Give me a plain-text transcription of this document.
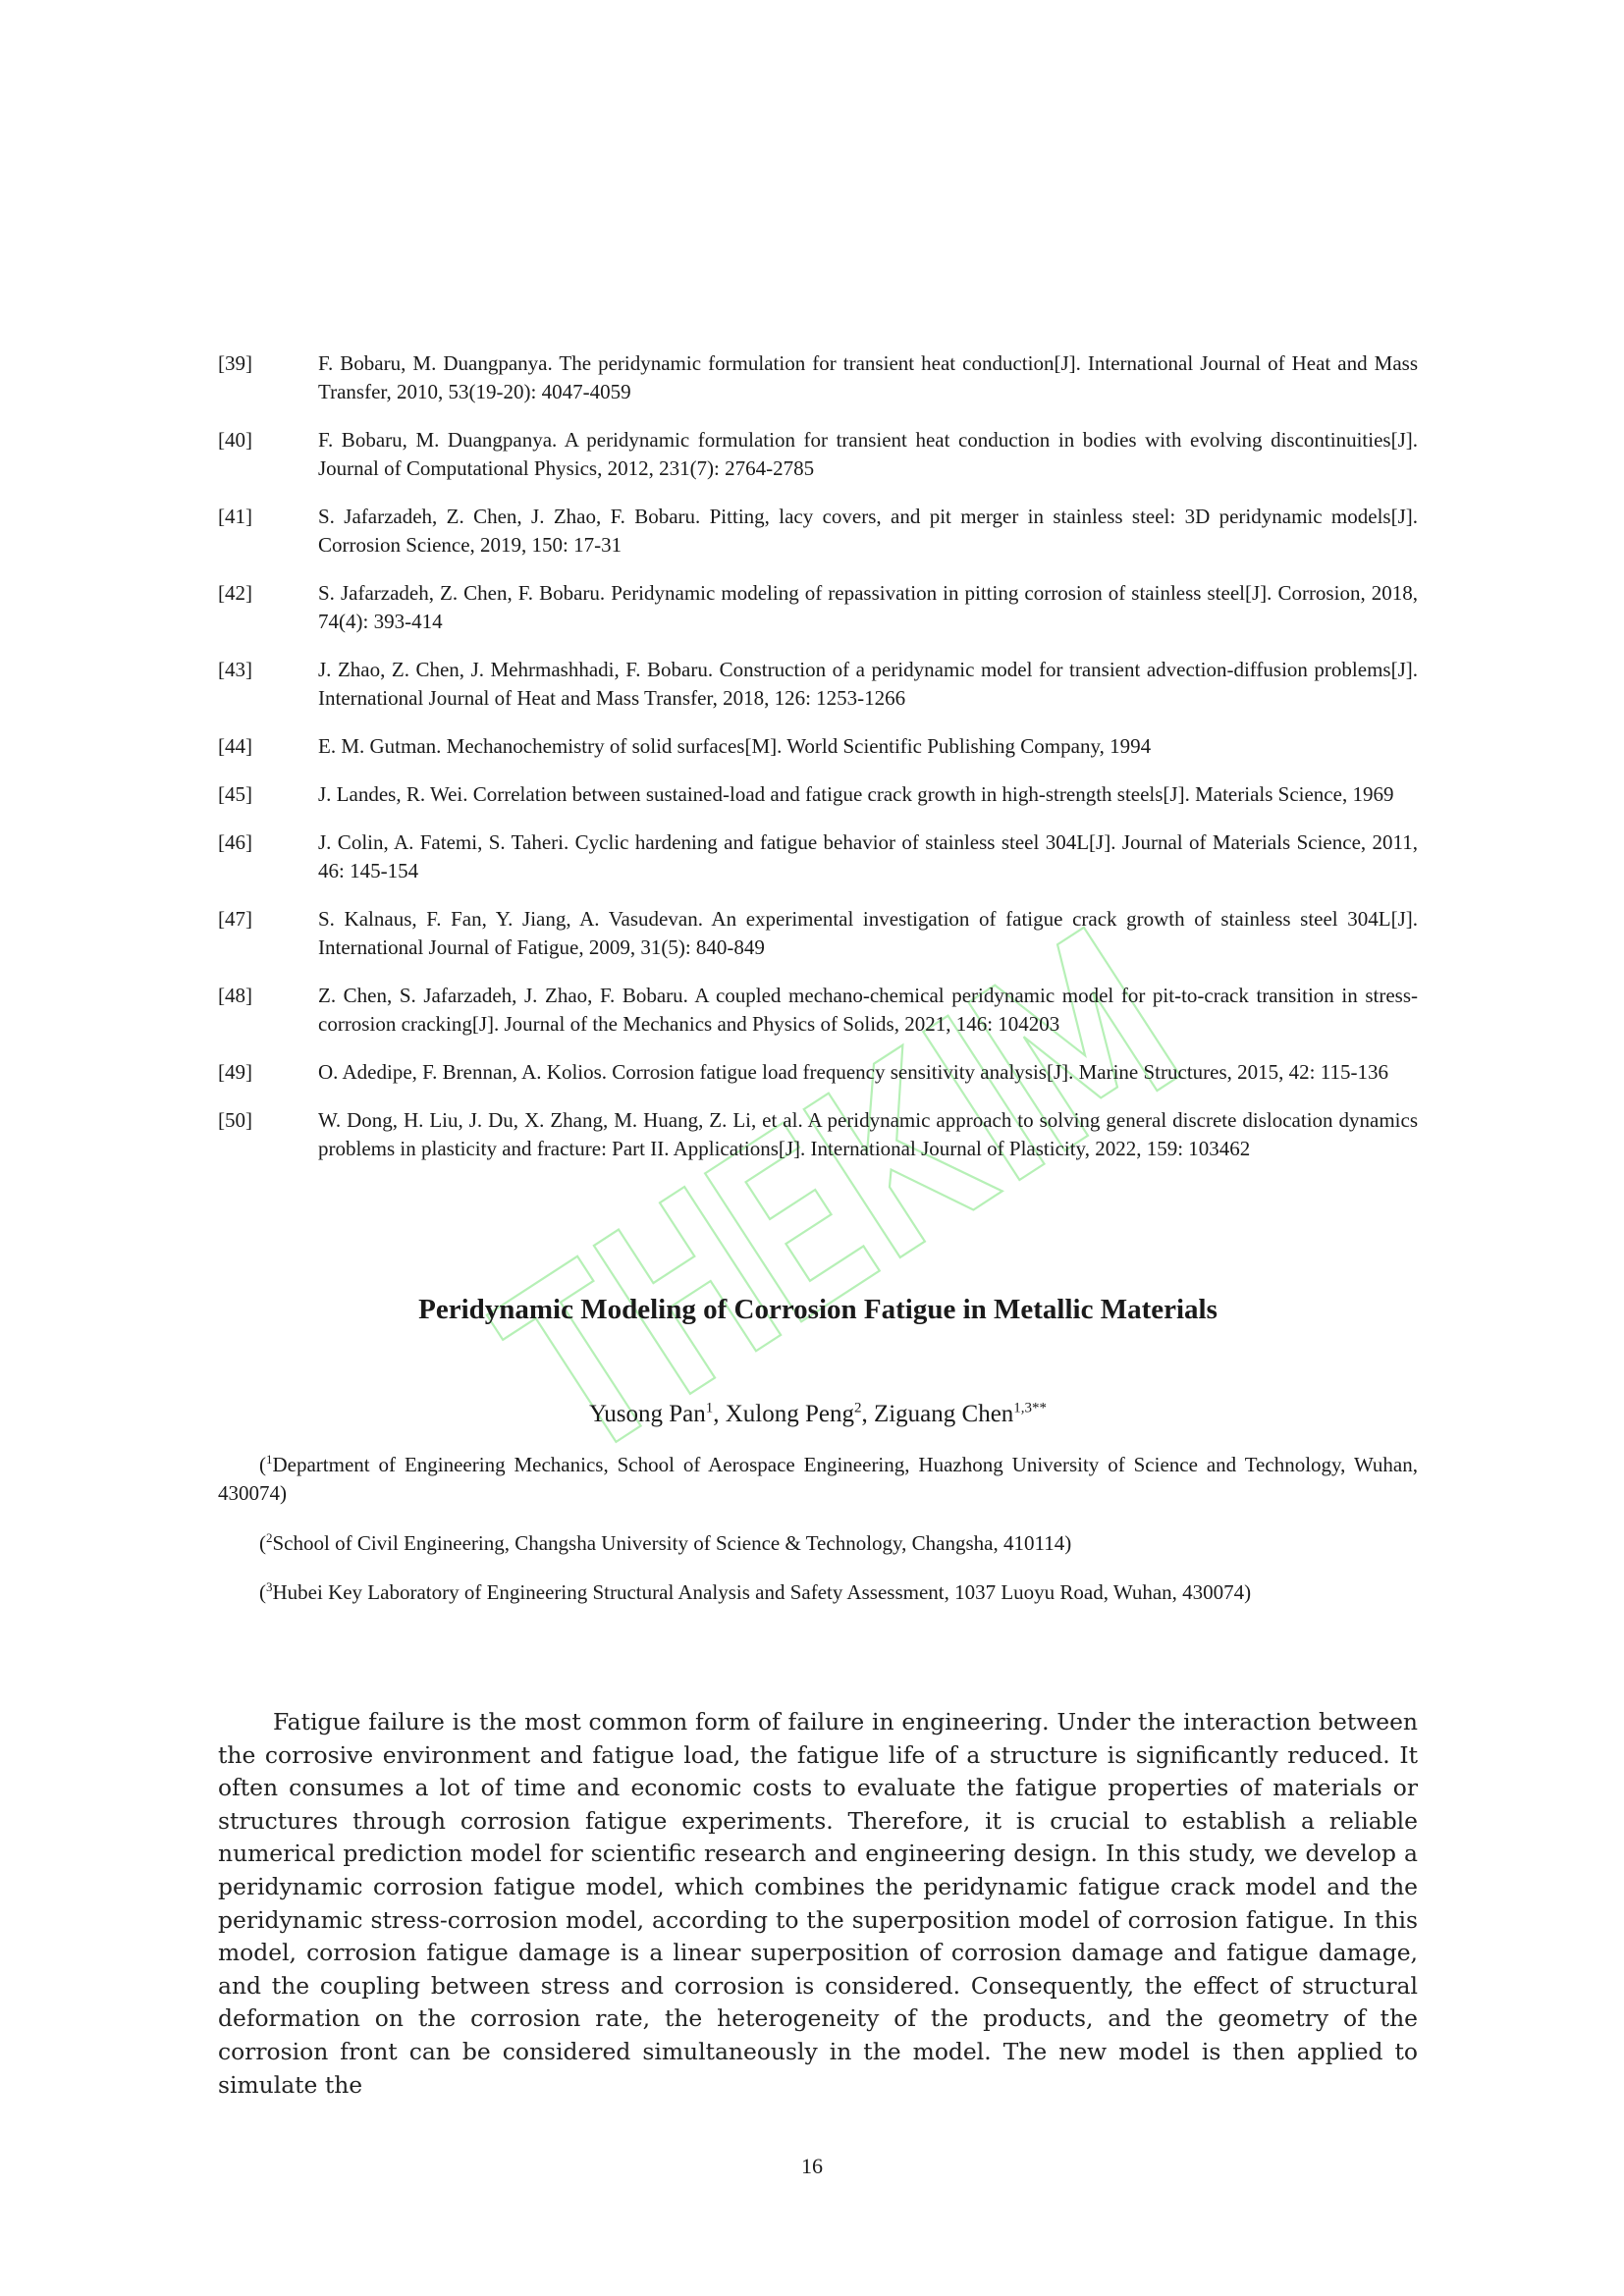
[39]	F. Bobaru, M. Duangpanya. The peridynamic formulation for transient heat conduction[J]. International Journal of Heat and Mass Transfer, 2010, 53(19-20): 4047-4059
[40]	F. Bobaru, M. Duangpanya. A peridynamic formulation for transient heat conduction in bodies with evolving discontinuities[J]. Journal of Computational Physics, 2012, 231(7): 2764-2785
[41]	S. Jafarzadeh, Z. Chen, J. Zhao, F. Bobaru. Pitting, lacy covers, and pit merger in stainless steel: 3D peridynamic models[J]. Corrosion Science, 2019, 150: 17-31
[42]	S. Jafarzadeh, Z. Chen, F. Bobaru. Peridynamic modeling of repassivation in pitting corrosion of stainless steel[J]. Corrosion, 2018, 74(4): 393-414
[43]	J. Zhao, Z. Chen, J. Mehrmashhadi, F. Bobaru. Construction of a peridynamic model for transient advection-diffusion problems[J]. International Journal of Heat and Mass Transfer, 2018, 126: 1253-1266
[44]	E. M. Gutman. Mechanochemistry of solid surfaces[M]. World Scientific Publishing Company, 1994
[45]	J. Landes, R. Wei. Correlation between sustained-load and fatigue crack growth in high-strength steels[J]. Materials Science, 1969
[46]	J. Colin, A. Fatemi, S. Taheri. Cyclic hardening and fatigue behavior of stainless steel 304L[J]. Journal of Materials Science, 2011, 46: 145-154
[47]	S. Kalnaus, F. Fan, Y. Jiang, A. Vasudevan. An experimental investigation of fatigue crack growth of stainless steel 304L[J]. International Journal of Fatigue, 2009, 31(5): 840-849
[48]	Z. Chen, S. Jafarzadeh, J. Zhao, F. Bobaru. A coupled mechano-chemical peridynamic model for pit-to-crack transition in stress-corrosion cracking[J]. Journal of the Mechanics and Physics of Solids, 2021, 146: 104203
[49]	O. Adedipe, F. Brennan, A. Kolios. Corrosion fatigue load frequency sensitivity analysis[J]. Marine Structures, 2015, 42: 115-136
[50]	W. Dong, H. Liu, J. Du, X. Zhang, M. Huang, Z. Li, et al. A peridynamic approach to solving general discrete dislocation dynamics problems in plasticity and fracture: Part II. Applications[J]. International Journal of Plasticity, 2022, 159: 103462
Peridynamic Modeling of Corrosion Fatigue in Metallic Materials
Yusong Pan$^1$, Xulong Peng$^2$, Ziguang Chen$^{1,3**}$
($^1$Department of Engineering Mechanics, School of Aerospace Engineering, Huazhong University of Science and Technology, Wuhan, 430074)
($^2$School of Civil Engineering, Changsha University of Science & Technology, Changsha, 410114)
($^3$Hubei Key Laboratory of Engineering Structural Analysis and Safety Assessment, 1037 Luoyu Road, Wuhan, 430074)
Fatigue failure is the most common form of failure in engineering. Under the interaction between the corrosive environment and fatigue load, the fatigue life of a structure is significantly reduced. It often consumes a lot of time and economic costs to evaluate the fatigue properties of materials or structures through corrosion fatigue experiments. Therefore, it is crucial to establish a reliable numerical prediction model for scientific research and engineering design. In this study, we develop a peridynamic corrosion fatigue model, which combines the peridynamic fatigue crack model and the peridynamic stress-corrosion model, according to the superposition model of corrosion fatigue. In this model, corrosion fatigue damage is a linear superposition of corrosion damage and fatigue damage, and the coupling between stress and corrosion is considered. Consequently, the effect of structural deformation on the corrosion rate, the heterogeneity of the products, and the geometry of the corrosion front can be considered simultaneously in the model. The new model is then applied to simulate the
16
